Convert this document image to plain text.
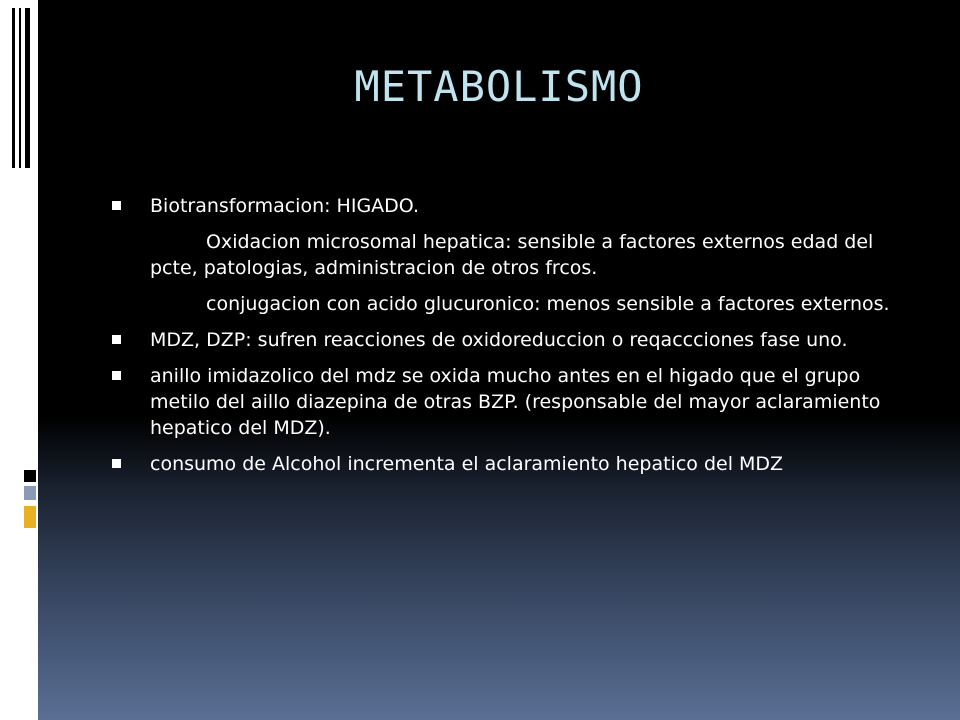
METABOLISMO
Biotransformacion: HIGADO.
Oxidacion microsomal hepatica: sensible a factores externos edad del pcte, patologias, administracion de otros frcos.
conjugacion con acido glucuronico: menos sensible a factores externos.
MDZ, DZP: sufren reacciones de oxidoreduccion o reqaccciones fase uno.
anillo imidazolico del mdz se oxida mucho antes en el higado que el grupo metilo del aillo diazepina de otras BZP. (responsable del mayor aclaramiento hepatico del MDZ).
consumo de Alcohol incrementa el aclaramiento hepatico del MDZ
